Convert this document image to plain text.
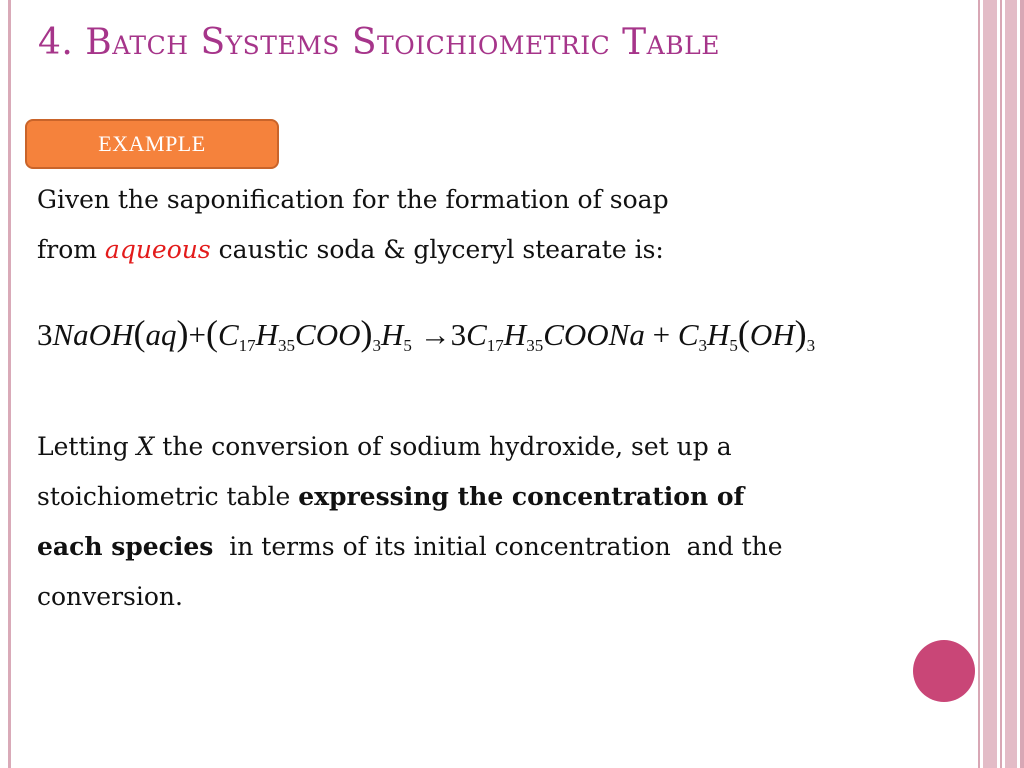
4. Batch Systems Stoichiometric Table
EXAMPLE
Given the saponification for the formation of soap
from aqueous caustic soda & glyceryl stearate is:
$3NaOH(aq)+(C_{17}H_{35}COO)_3H_5$ $\to 3C_{17}H_{35}COONa + C_3H_5(OH)_3$
Letting X the conversion of sodium hydroxide, set up a
stoichiometric table expressing the concentration of
each species  in terms of its initial concentration  and the
conversion.
